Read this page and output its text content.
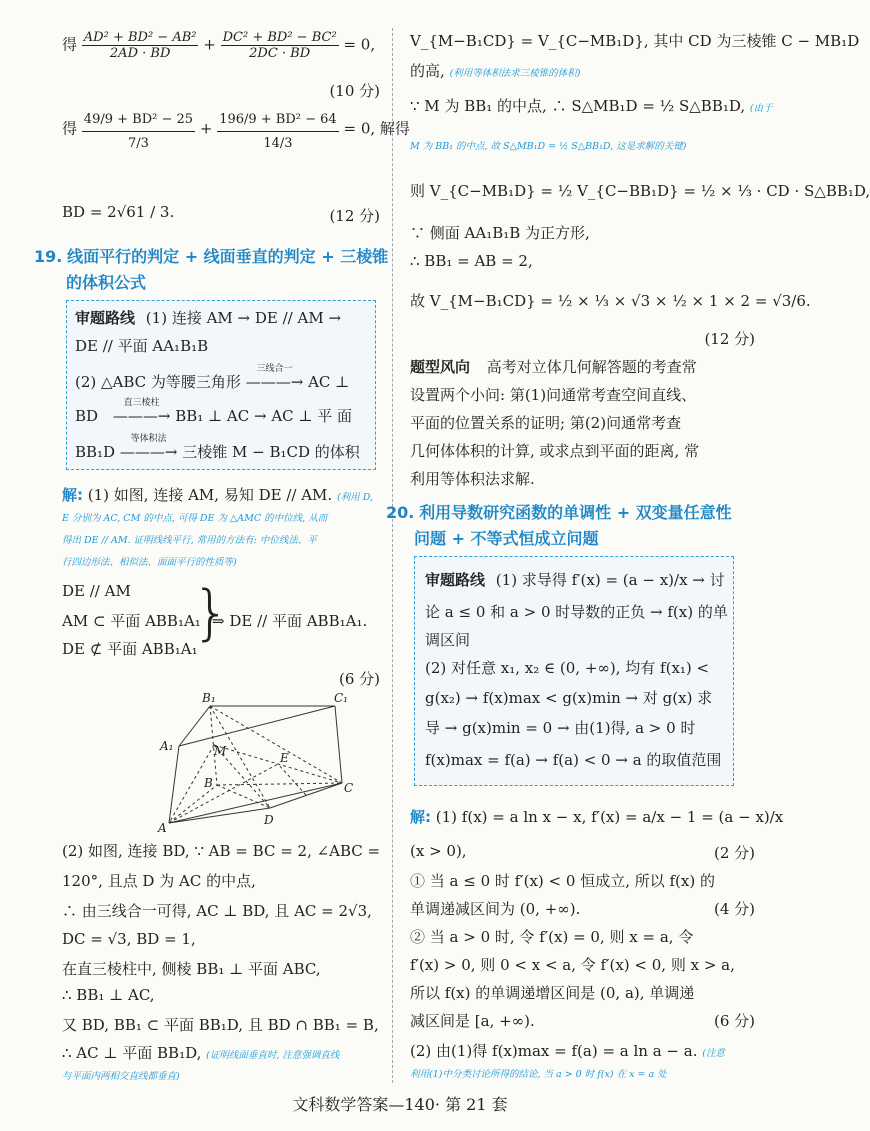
得 $\frac{\text{AD² + BD² − AB²}}{2AD \cdot BD} + \frac{\text{DC² + BD² − BC²}}{2DC \cdot BD} = 0$,
(10 分)
得 $\frac{\text{49/9 + BD² − 25}}{7/3} + \frac{\text{196/9 + BD² − 64}}{14/3} = 0$, 解得
BD = 2√61 / 3.	(12 分)
19. 线面平行的判定 + 线面垂直的判定 + 三棱锥
的体积公式
审题路线 (1) 连接 AM → DE // AM →
DE // 平面 AA₁B₁B
(2) △ABC 为等腰三角形
三线合一
———→ AC ⊥
BD
直三棱柱
———→ BB₁ ⊥ AC → AC ⊥ 平 面
BB₁D
等体积法
———→ 三棱锥 M − B₁CD 的体积
解: (1) 如图, 连接 AM, 易知 DE // AM. (利用 D,
E 分别为 AC, CM 的中点, 可得 DE 为 △AMC 的中位线, 从而
得出 DE // AM. 证明线线平行, 常用的方法有: 中位线法、平
行四边形法、相似法、面面平行的性质等)
DE // AM
AM ⊂ 平面 ABB₁A₁
DE ⊄ 平面 ABB₁A₁
}
⇒ DE // 平面 ABB₁A₁.
(6 分)
B₁	C₁
A₁	M	E
B	C
A
D
(2) 如图, 连接 BD, ∵ AB = BC = 2, ∠ABC =
120°, 且点 D 为 AC 的中点,
∴ 由三线合一可得, AC ⊥ BD, 且 AC = 2√3,
DC = √3, BD = 1,
在直三棱柱中, 侧棱 BB₁ ⊥ 平面 ABC,
∴ BB₁ ⊥ AC,
又 BD, BB₁ ⊂ 平面 BB₁D, 且 BD ∩ BB₁ = B,
∴ AC ⊥ 平面 BB₁D, (证明线面垂直时, 注意强调直线
与平面内两相交直线都垂直)
V_{M−B₁CD} = V_{C−MB₁D}, 其中 CD 为三棱锥 C − MB₁D
的高, (利用等体积法求三棱锥的体积)
∵ M 为 BB₁ 的中点, ∴ S△MB₁D = ½ S△BB₁D, (由于
M 为 BB₁ 的中点, 故 S△MB₁D = ½ S△BB₁D, 这是求解的关键)
则 V_{C−MB₁D} = ½ V_{C−BB₁D} = ½ × ⅓ · CD · S△BB₁D,
∵ 侧面 AA₁B₁B 为正方形,
∴ BB₁ = AB = 2,
故 V_{M−B₁CD} = ½ × ⅓ × √3 × ½ × 1 × 2 = √3/6.
(12 分)
题型风向 高考对立体几何解答题的考查常
设置两个小问: 第(1)问通常考查空间直线、
平面的位置关系的证明; 第(2)问通常考查
几何体体积的计算, 或求点到平面的距离, 常
利用等体积法求解.
20. 利用导数研究函数的单调性 + 双变量任意性
问题 + 不等式恒成立问题
审题路线 (1) 求导得 f′(x) = (a − x)/x → 讨
论 a ≤ 0 和 a > 0 时导数的正负 → f(x) 的单
调区间
(2) 对任意 x₁, x₂ ∈ (0, +∞), 均有 f(x₁) <
g(x₂) → f(x)max < g(x)min → 对 g(x) 求
导 → g(x)min = 0 → 由(1)得, a > 0 时
f(x)max = f(a) → f(a) < 0 → a 的取值范围
解: (1) f(x) = a ln x − x, f′(x) = a/x − 1 = (a − x)/x
(x > 0),	(2 分)
① 当 a ≤ 0 时 f′(x) < 0 恒成立, 所以 f(x) 的
单调递减区间为 (0, +∞).	(4 分)
② 当 a > 0 时, 令 f′(x) = 0, 则 x = a, 令
f′(x) > 0, 则 0 < x < a, 令 f′(x) < 0, 则 x > a,
所以 f(x) 的单调递增区间是 (0, a), 单调递
减区间是 [a, +∞).	(6 分)
(2) 由(1)得 f(x)max = f(a) = a ln a − a. (注意
利用(1)中分类讨论所得的结论, 当 a > 0 时 f(x) 在 x = a 处
文科数学答案—140· 第 21 套
